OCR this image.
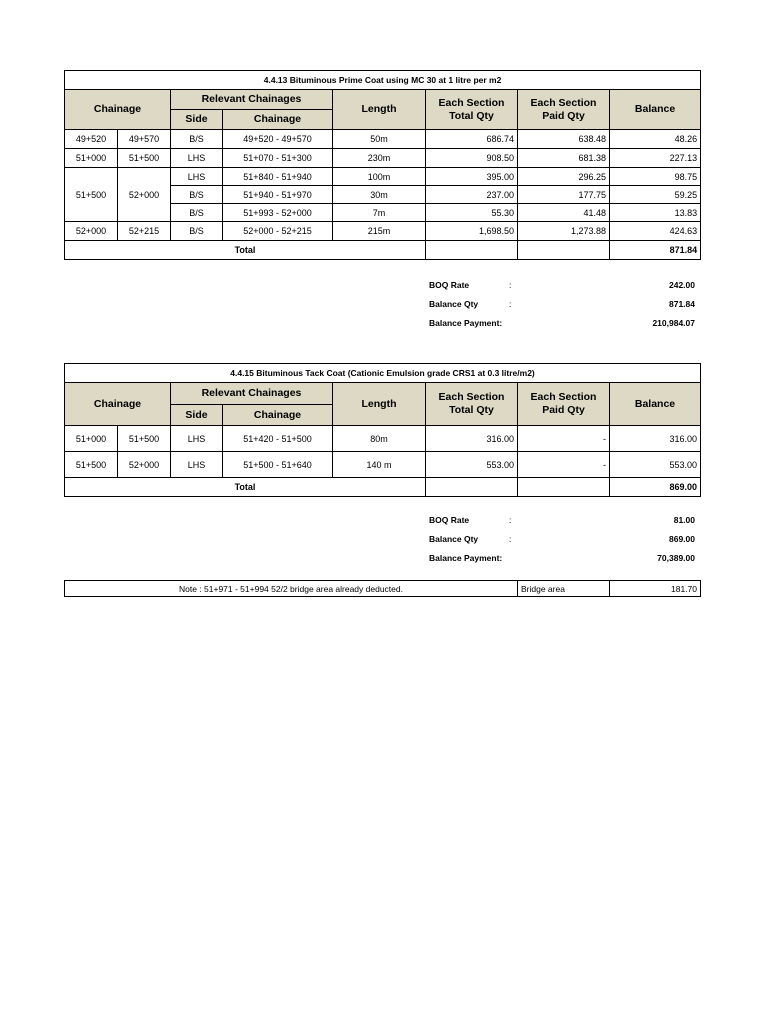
4.4.13 Bituminous Prime Coat using MC 30 at 1 litre per m2							
Chainage		Relevant Chainages		Length	Each Section Total Qty	Each Section Paid Qty	Balance
		Side	Chainage				
49+520	49+570	B/S	49+520 - 49+570	50m	686.74	638.48	48.26
51+000	51+500	LHS	51+070 - 51+300	230m	908.50	681.38	227.13
51+500	52+000	LHS	51+840 - 51+940	100m	395.00	296.25	98.75
		B/S	51+940 - 51+970	30m	237.00	177.75	59.25
		B/S	51+993 - 52+000	7m	55.30	41.48	13.83
52+000	52+215	B/S	52+000 - 52+215	215m	1,698.50	1,273.88	424.63
Total							871.84
BOQ Rate	:	242.00
Balance Qty	:	871.84
Balance Payment:	210,984.07
4.4.15 Bituminous Tack Coat (Cationic Emulsion grade CRS1 at 0.3 litre/m2)							
Chainage		Relevant Chainages		Length	Each Section Total Qty	Each Section Paid Qty	Balance
		Side	Chainage				
51+000	51+500	LHS	51+420 - 51+500	80m	316.00	-	316.00
51+500	52+000	LHS	51+500 - 51+640	140 m	553.00	-	553.00
Total							869.00
BOQ Rate	:	81.00
Balance Qty	:	869.00
Balance Payment:	70,389.00
Note : 51+971 - 51+994 52/2 bridge area already deducted.	Bridge area	181.70
